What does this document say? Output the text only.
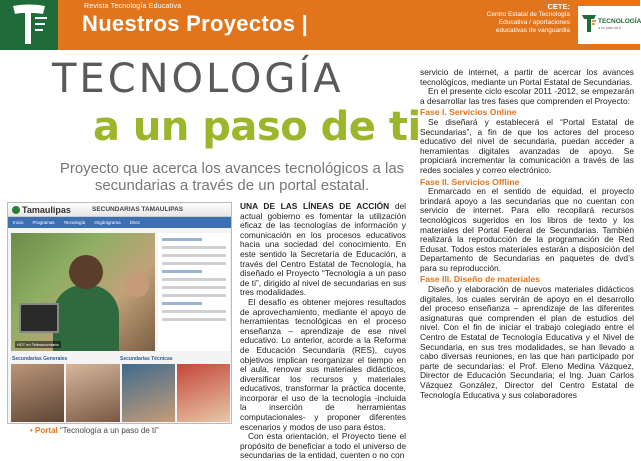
Revista Tecnología Educativa
Nuestros Proyectos |
CETE:
Centro Estatal de Tecnología
Educativa / aportaciones
educativas de vanguardia
TECNOLOGÍA
a un paso de ti
TECNOLOGÍA
a un paso de ti
Proyecto que acerca los avances tecnológicos a las secundarias a través de un portal estatal.
Tamaulipas	SECUNDARIAS TAMAULIPAS
Inicio Programas Tecnología Orgánigrama Direc
HDT en Telesecundaria
Secundarias Generales	Secundarias Técnicas
• Portal “Tecnología a un paso de ti”

UNA DE LAS LÍNEAS DE ACCIÓN del actual gobierno es fomentar la utilización eficaz de las tecnologías de información y comunicación en los procesos educativos hacia una sociedad del conocimiento. En este sentido la Secretaría de Educación, a través del Centro Estatal de Tecnología, ha diseñado el Proyecto “Tecnología a un paso de ti”, dirigido al nivel de secundarias en sus tres modalidades.

El desafío es obtener mejores resultados de aprovechamiento, mediante el apoyo de herramientas tecnológicas en el proceso enseñanza – aprendizaje de ese nivel educativo. Lo anterior, acorde a la Reforma de Educación Secundaria (RES), cuyos objetivos implican reorganizar el tiempo en el aula, renovar sus materiales didácticos, diversificar los recursos y materiales educativos, transformar la práctica docente, incorporar el uso de la tecnología -incluida la inserción de herramientas computacionales- y proponer diferentes escenarios y modos de uso para éstos.

Con esta orientación, el Proyecto tiene el propósito de beneficiar a todo el universo de secundarias de la entidad, cuenten o no con

servicio de internet, a partir de acercar los avances tecnológicos, mediante un Portal Estatal de Secundarias.

En el presente ciclo escolar 2011 -2012, se empezarán a desarrollar las tres fases que comprenden el Proyecto:

Fase I. Servicios Online

Se diseñará y establecerá el “Portal Estatal de Secundarias”, a fin de que los actores del proceso educativo del nivel de secundaria, puedan acceder a herramientas digitales avanzadas de apoyo. Se propiciará incrementar la comunicación a través de las redes sociales y correo electrónico.

Fase II. Servicios Offline

Enmarcado en el sentido de equidad, el proyecto brindará apoyo a las secundarias que no cuentan con servicio de internet. Para ello recopilará recursos tecnológicos sugeridos en los libros de texto y los materiales del Portal Federal de Secundarias. También realizará la reproducción de la programación de Red Edusat. Todos estos materiales estarán a disposición del Departamento de Secundarias en paquetes de dvd’s para su reproducción.

Fase III. Diseño de materiales

Diseño y elaboración de nuevos materiales didácticos digitales, los cuales servirán de apoyo en el desarrollo del proceso enseñanza – aprendizaje de las diferentes asignaturas que comprenden el plan de estudios del nivel. Con el fin de iniciar el trabajo colegiado entre el Centro de Estatal de Tecnología Educativa y el Nivel de Secundaria, en sus tres modalidades, se han llevado a cabo diversas reuniones, en las que han participado por parte de secundarias: el Prof. Eleno Medina Vázquez, Director de Educación Secundaria; el Ing. Juan Carlos Vázquez González, Director del Centro Estatal de Tecnología Educativa y sus colaboradores
